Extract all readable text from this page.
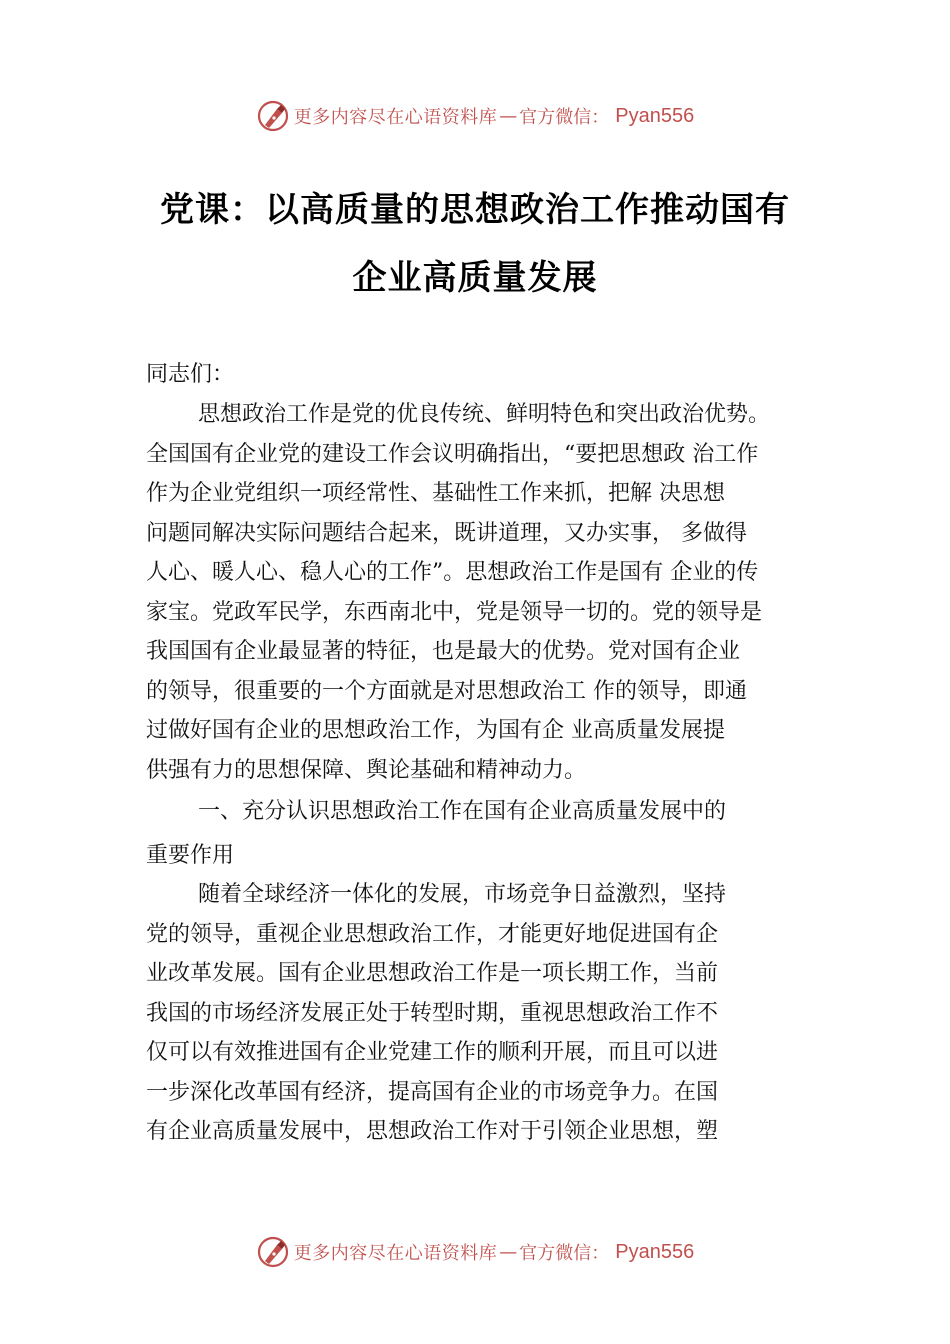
更多内容尽在心语资料库 — 官方微信 ： Pyan556
党课：以高质量的思想政治工作推动国有
企业高质量发展
同志们：
思想政治工作是党的优良传统、鲜明特色和突出政治优势。
全国国有企业党的建设工作会议明确指出，“要把思想政 治工作
作为企业党组织一项经常性、基础性工作来抓，把解 决思想
问题同解决实际问题结合起来，既讲道理，又办实事， 多做得
人心、暖人心、稳人心的工作”。思想政治工作是国有 企业的传
家宝。党政军民学，东西南北中，党是领导一切的。党的领导是
我国国有企业最显著的特征，也是最大的优势。党对国有企业
的领导，很重要的一个方面就是对思想政治工 作的领导，即通
过做好国有企业的思想政治工作，为国有企 业高质量发展提
供强有力的思想保障、舆论基础和精神动力。
一、充分认识思想政治工作在国有企业高质量发展中的
重要作用
随着全球经济一体化的发展，市场竞争日益激烈，坚持
党的领导，重视企业思想政治工作，才能更好地促进国有企
业改革发展。国有企业思想政治工作是一项长期工作，当前
我国的市场经济发展正处于转型时期，重视思想政治工作不
仅可以有效推进国有企业党建工作的顺利开展，而且可以进
一步深化改革国有经济，提高国有企业的市场竞争力。在国
有企业高质量发展中，思想政治工作对于引领企业思想，塑
更多内容尽在心语资料库 — 官方微信 ： Pyan556
